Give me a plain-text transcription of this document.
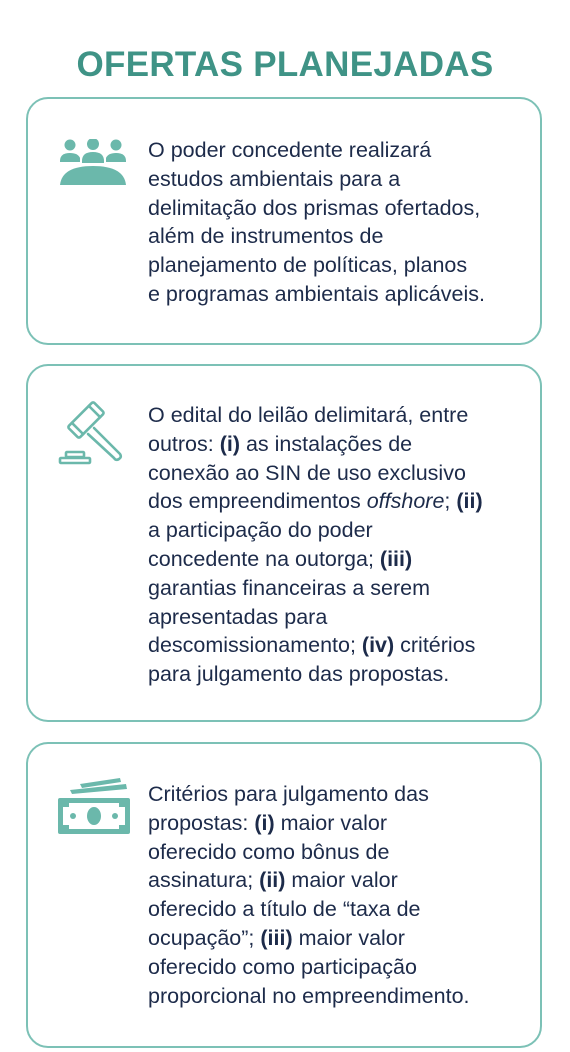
OFERTAS PLANEJADAS
O poder concedente realizará
estudos ambientais para a
delimitação dos prismas ofertados,
além de instrumentos de
planejamento de políticas, planos
e programas ambientais aplicáveis.
O edital do leilão delimitará, entre
outros: (i) as instalações de
conexão ao SIN de uso exclusivo
dos empreendimentos offshore; (ii)
a participação do poder
concedente na outorga; (iii)
garantias financeiras a serem
apresentadas para
descomissionamento; (iv) critérios
para julgamento das propostas.
Critérios para julgamento das
propostas: (i) maior valor
oferecido como bônus de
assinatura; (ii) maior valor
oferecido a título de “taxa de
ocupação”; (iii) maior valor
oferecido como participação
proporcional no empreendimento.
